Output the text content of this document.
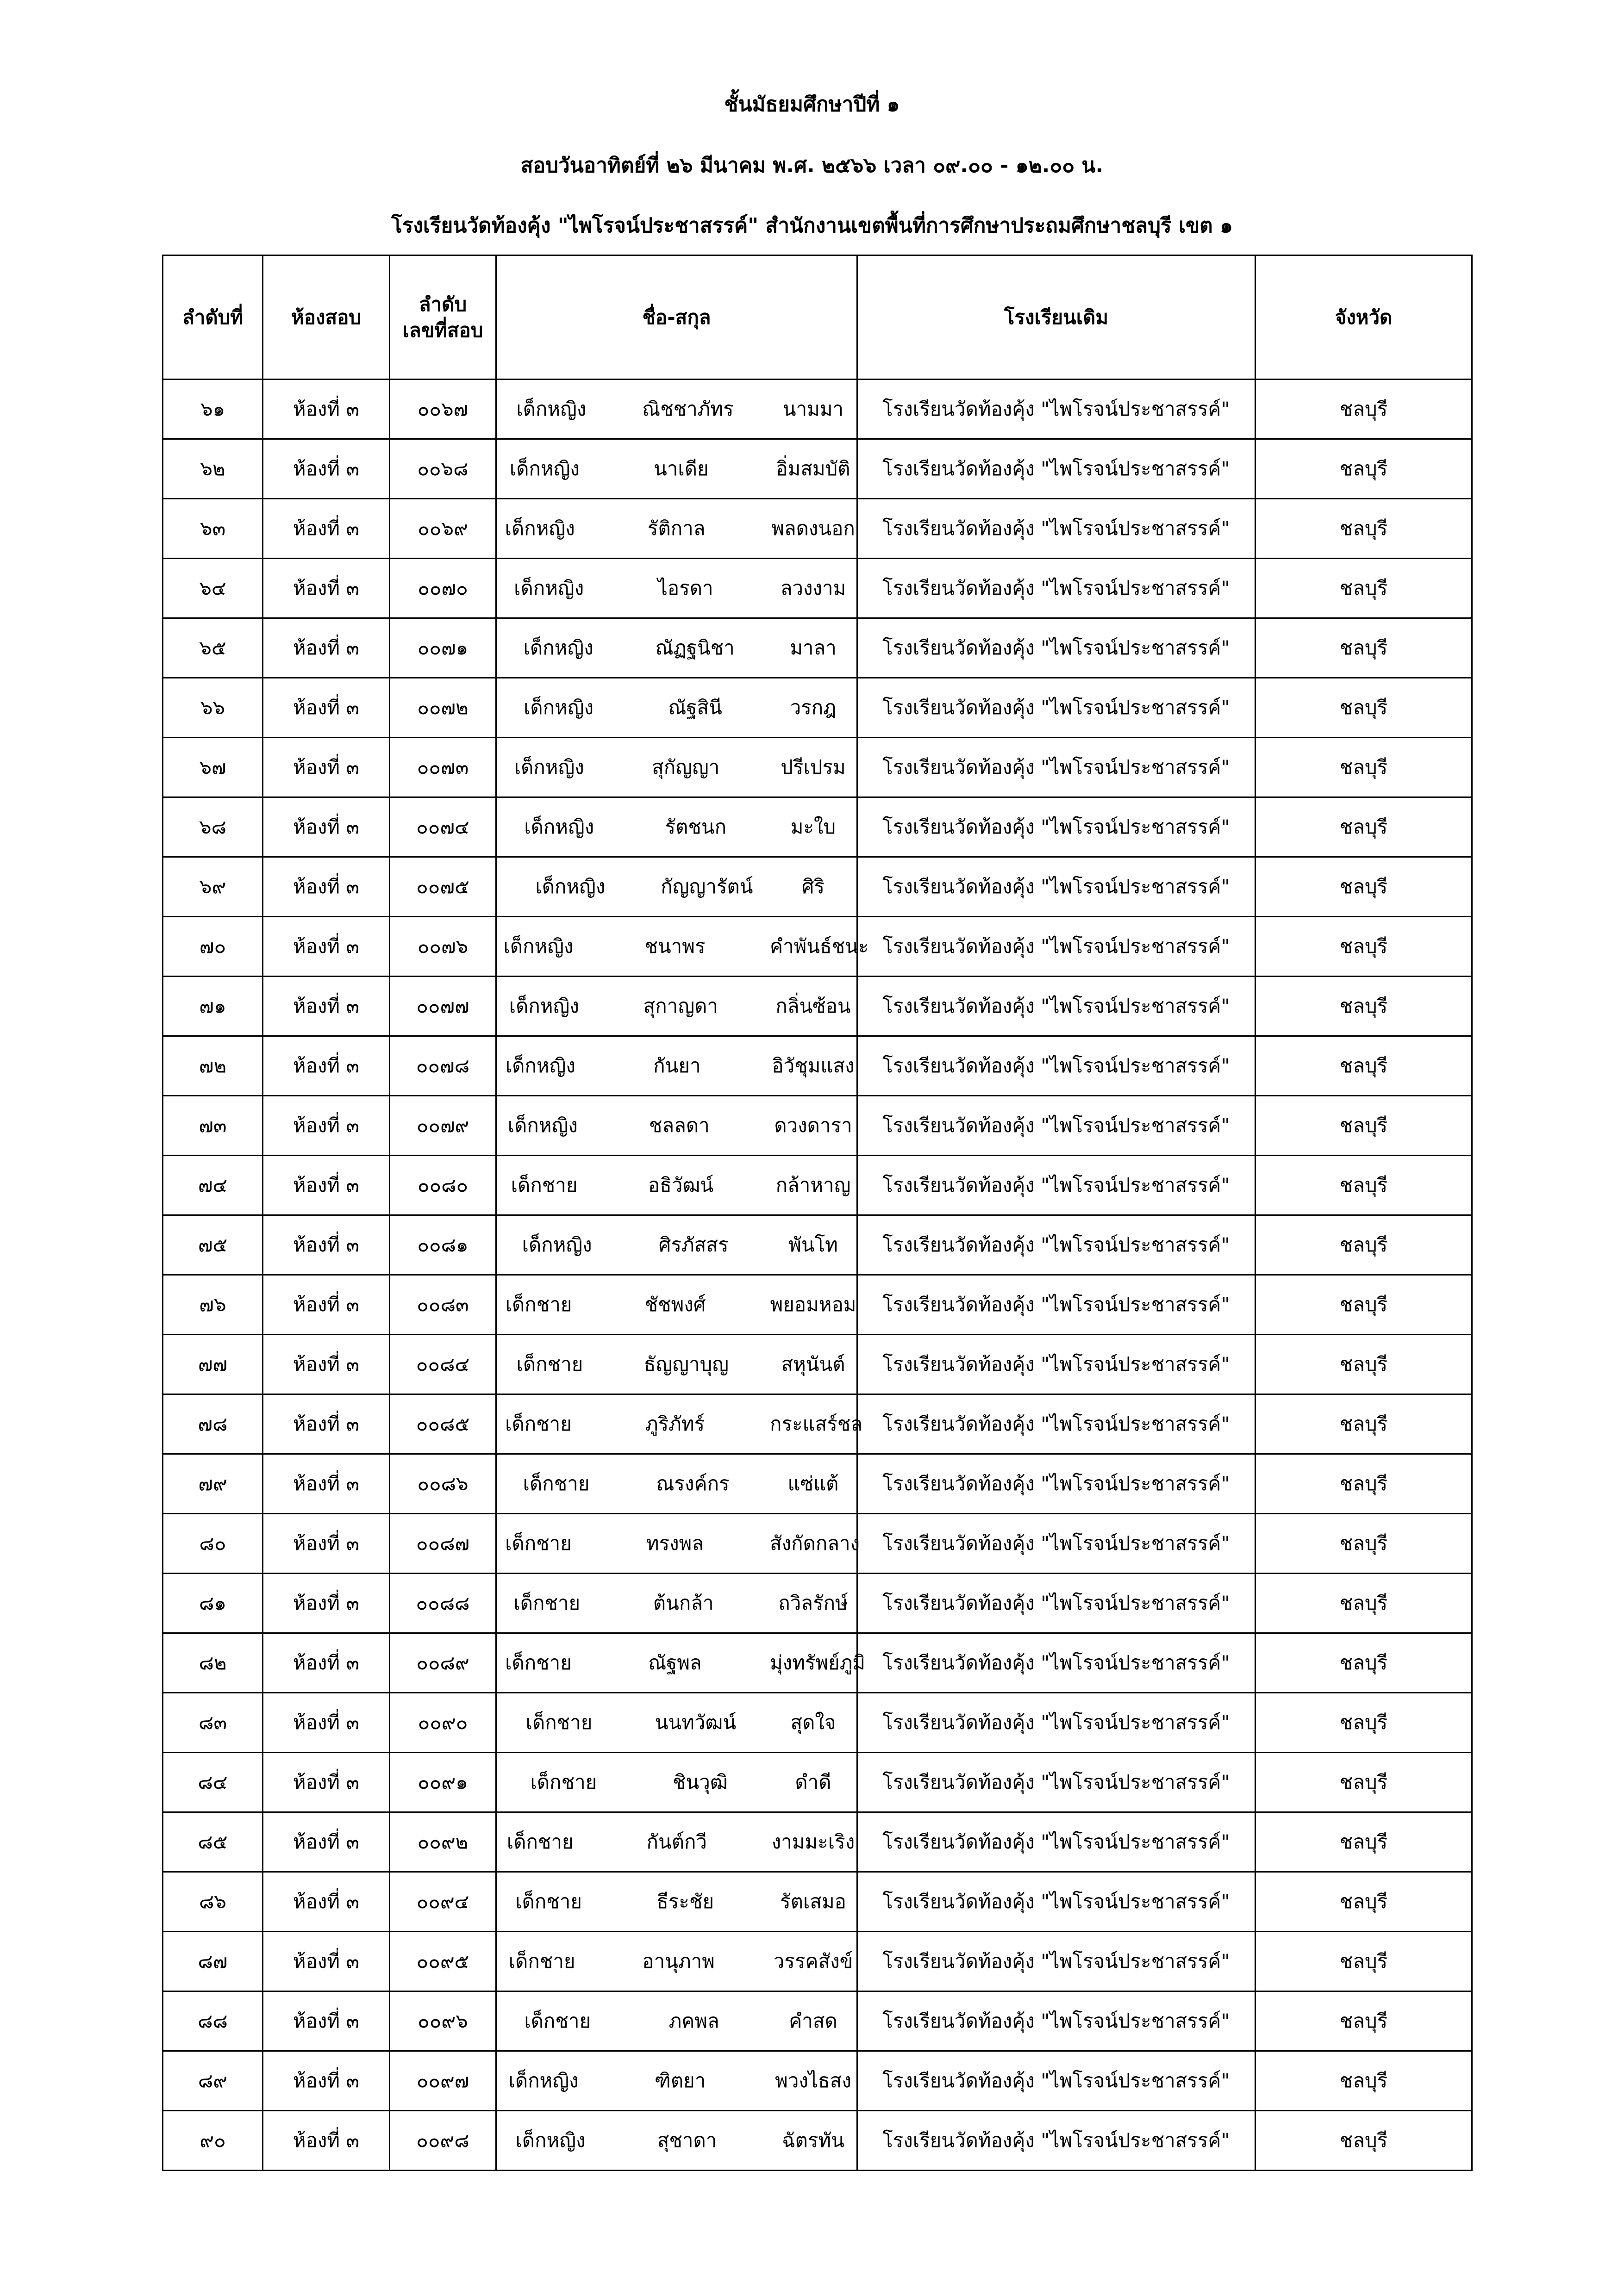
ชั้นมัธยมศึกษาปีที่ ๑
สอบวันอาทิตย์ที่ ๒๖ มีนาคม พ.ศ. ๒๕๖๖ เวลา ๐๙.๐๐ - ๑๒.๐๐ น.
โรงเรียนวัดท้องคุ้ง "ไพโรจน์ประชาสรรค์" สำนักงานเขตพื้นที่การศึกษาประถมศึกษาชลบุรี เขต ๑
ลำดับที่	ห้องสอบ	ลำดับ
เลขที่สอบ	ชื่อ-สกุล	โรงเรียนเดิม	จังหวัด
๖๑	ห้องที่ ๓	๐๐๖๗	เด็กหญิง ณิชชาภัทร นามมา	โรงเรียนวัดท้องคุ้ง "ไพโรจน์ประชาสรรค์"	ชลบุรี
๖๒	ห้องที่ ๓	๐๐๖๘	เด็กหญิง นาเดีย อิ่มสมบัติ	โรงเรียนวัดท้องคุ้ง "ไพโรจน์ประชาสรรค์"	ชลบุรี
๖๓	ห้องที่ ๓	๐๐๖๙	เด็กหญิง รัติกาล พลดงนอก	โรงเรียนวัดท้องคุ้ง "ไพโรจน์ประชาสรรค์"	ชลบุรี
๖๔	ห้องที่ ๓	๐๐๗๐	เด็กหญิง ไอรดา ลวงงาม	โรงเรียนวัดท้องคุ้ง "ไพโรจน์ประชาสรรค์"	ชลบุรี
๖๕	ห้องที่ ๓	๐๐๗๑	เด็กหญิง ณัฏฐนิชา มาลา	โรงเรียนวัดท้องคุ้ง "ไพโรจน์ประชาสรรค์"	ชลบุรี
๖๖	ห้องที่ ๓	๐๐๗๒	เด็กหญิง ณัฐสินี วรกฎ	โรงเรียนวัดท้องคุ้ง "ไพโรจน์ประชาสรรค์"	ชลบุรี
๖๗	ห้องที่ ๓	๐๐๗๓	เด็กหญิง สุกัญญา ปรีเปรม	โรงเรียนวัดท้องคุ้ง "ไพโรจน์ประชาสรรค์"	ชลบุรี
๖๘	ห้องที่ ๓	๐๐๗๔	เด็กหญิง รัตชนก มะใบ	โรงเรียนวัดท้องคุ้ง "ไพโรจน์ประชาสรรค์"	ชลบุรี
๖๙	ห้องที่ ๓	๐๐๗๕	เด็กหญิง กัญญารัตน์ ศิริ	โรงเรียนวัดท้องคุ้ง "ไพโรจน์ประชาสรรค์"	ชลบุรี
๗๐	ห้องที่ ๓	๐๐๗๖	เด็กหญิง ชนาพร คำพันธ์ชนะ	โรงเรียนวัดท้องคุ้ง "ไพโรจน์ประชาสรรค์"	ชลบุรี
๗๑	ห้องที่ ๓	๐๐๗๗	เด็กหญิง สุกาญดา กลิ่นซ้อน	โรงเรียนวัดท้องคุ้ง "ไพโรจน์ประชาสรรค์"	ชลบุรี
๗๒	ห้องที่ ๓	๐๐๗๘	เด็กหญิง กันยา อิวัชุมแสง	โรงเรียนวัดท้องคุ้ง "ไพโรจน์ประชาสรรค์"	ชลบุรี
๗๓	ห้องที่ ๓	๐๐๗๙	เด็กหญิง ชลลดา ดวงดารา	โรงเรียนวัดท้องคุ้ง "ไพโรจน์ประชาสรรค์"	ชลบุรี
๗๔	ห้องที่ ๓	๐๐๘๐	เด็กชาย อธิวัฒน์ กล้าหาญ	โรงเรียนวัดท้องคุ้ง "ไพโรจน์ประชาสรรค์"	ชลบุรี
๗๕	ห้องที่ ๓	๐๐๘๑	เด็กหญิง ศิรภัสสร พันโท	โรงเรียนวัดท้องคุ้ง "ไพโรจน์ประชาสรรค์"	ชลบุรี
๗๖	ห้องที่ ๓	๐๐๘๓	เด็กชาย ชัชพงศ์ พยอมหอม	โรงเรียนวัดท้องคุ้ง "ไพโรจน์ประชาสรรค์"	ชลบุรี
๗๗	ห้องที่ ๓	๐๐๘๔	เด็กชาย ธัญญาบุญ สหุนันต์	โรงเรียนวัดท้องคุ้ง "ไพโรจน์ประชาสรรค์"	ชลบุรี
๗๘	ห้องที่ ๓	๐๐๘๕	เด็กชาย ภูริภัทร์ กระแสร์ชล	โรงเรียนวัดท้องคุ้ง "ไพโรจน์ประชาสรรค์"	ชลบุรี
๗๙	ห้องที่ ๓	๐๐๘๖	เด็กชาย ณรงค์กร แซ่แต้	โรงเรียนวัดท้องคุ้ง "ไพโรจน์ประชาสรรค์"	ชลบุรี
๘๐	ห้องที่ ๓	๐๐๘๗	เด็กชาย ทรงพล สังกัดกลาง	โรงเรียนวัดท้องคุ้ง "ไพโรจน์ประชาสรรค์"	ชลบุรี
๘๑	ห้องที่ ๓	๐๐๘๘	เด็กชาย ต้นกล้า ถวิลรักษ์	โรงเรียนวัดท้องคุ้ง "ไพโรจน์ประชาสรรค์"	ชลบุรี
๘๒	ห้องที่ ๓	๐๐๘๙	เด็กชาย ณัฐพล มุ่งทรัพย์ภูมิ	โรงเรียนวัดท้องคุ้ง "ไพโรจน์ประชาสรรค์"	ชลบุรี
๘๓	ห้องที่ ๓	๐๐๙๐	เด็กชาย นนทวัฒน์ สุดใจ	โรงเรียนวัดท้องคุ้ง "ไพโรจน์ประชาสรรค์"	ชลบุรี
๘๔	ห้องที่ ๓	๐๐๙๑	เด็กชาย ชินวุฒิ ดำดี	โรงเรียนวัดท้องคุ้ง "ไพโรจน์ประชาสรรค์"	ชลบุรี
๘๕	ห้องที่ ๓	๐๐๙๒	เด็กชาย กันต์กวี งามมะเริง	โรงเรียนวัดท้องคุ้ง "ไพโรจน์ประชาสรรค์"	ชลบุรี
๘๖	ห้องที่ ๓	๐๐๙๔	เด็กชาย ธีระชัย รัตเสมอ	โรงเรียนวัดท้องคุ้ง "ไพโรจน์ประชาสรรค์"	ชลบุรี
๘๗	ห้องที่ ๓	๐๐๙๕	เด็กชาย อานุภาพ วรรคสังข์	โรงเรียนวัดท้องคุ้ง "ไพโรจน์ประชาสรรค์"	ชลบุรี
๘๘	ห้องที่ ๓	๐๐๙๖	เด็กชาย ภคพล คำสด	โรงเรียนวัดท้องคุ้ง "ไพโรจน์ประชาสรรค์"	ชลบุรี
๘๙	ห้องที่ ๓	๐๐๙๗	เด็กหญิง ฑิตยา พวงไธสง	โรงเรียนวัดท้องคุ้ง "ไพโรจน์ประชาสรรค์"	ชลบุรี
๙๐	ห้องที่ ๓	๐๐๙๘	เด็กหญิง สุชาดา ฉัตรทัน	โรงเรียนวัดท้องคุ้ง "ไพโรจน์ประชาสรรค์"	ชลบุรี
